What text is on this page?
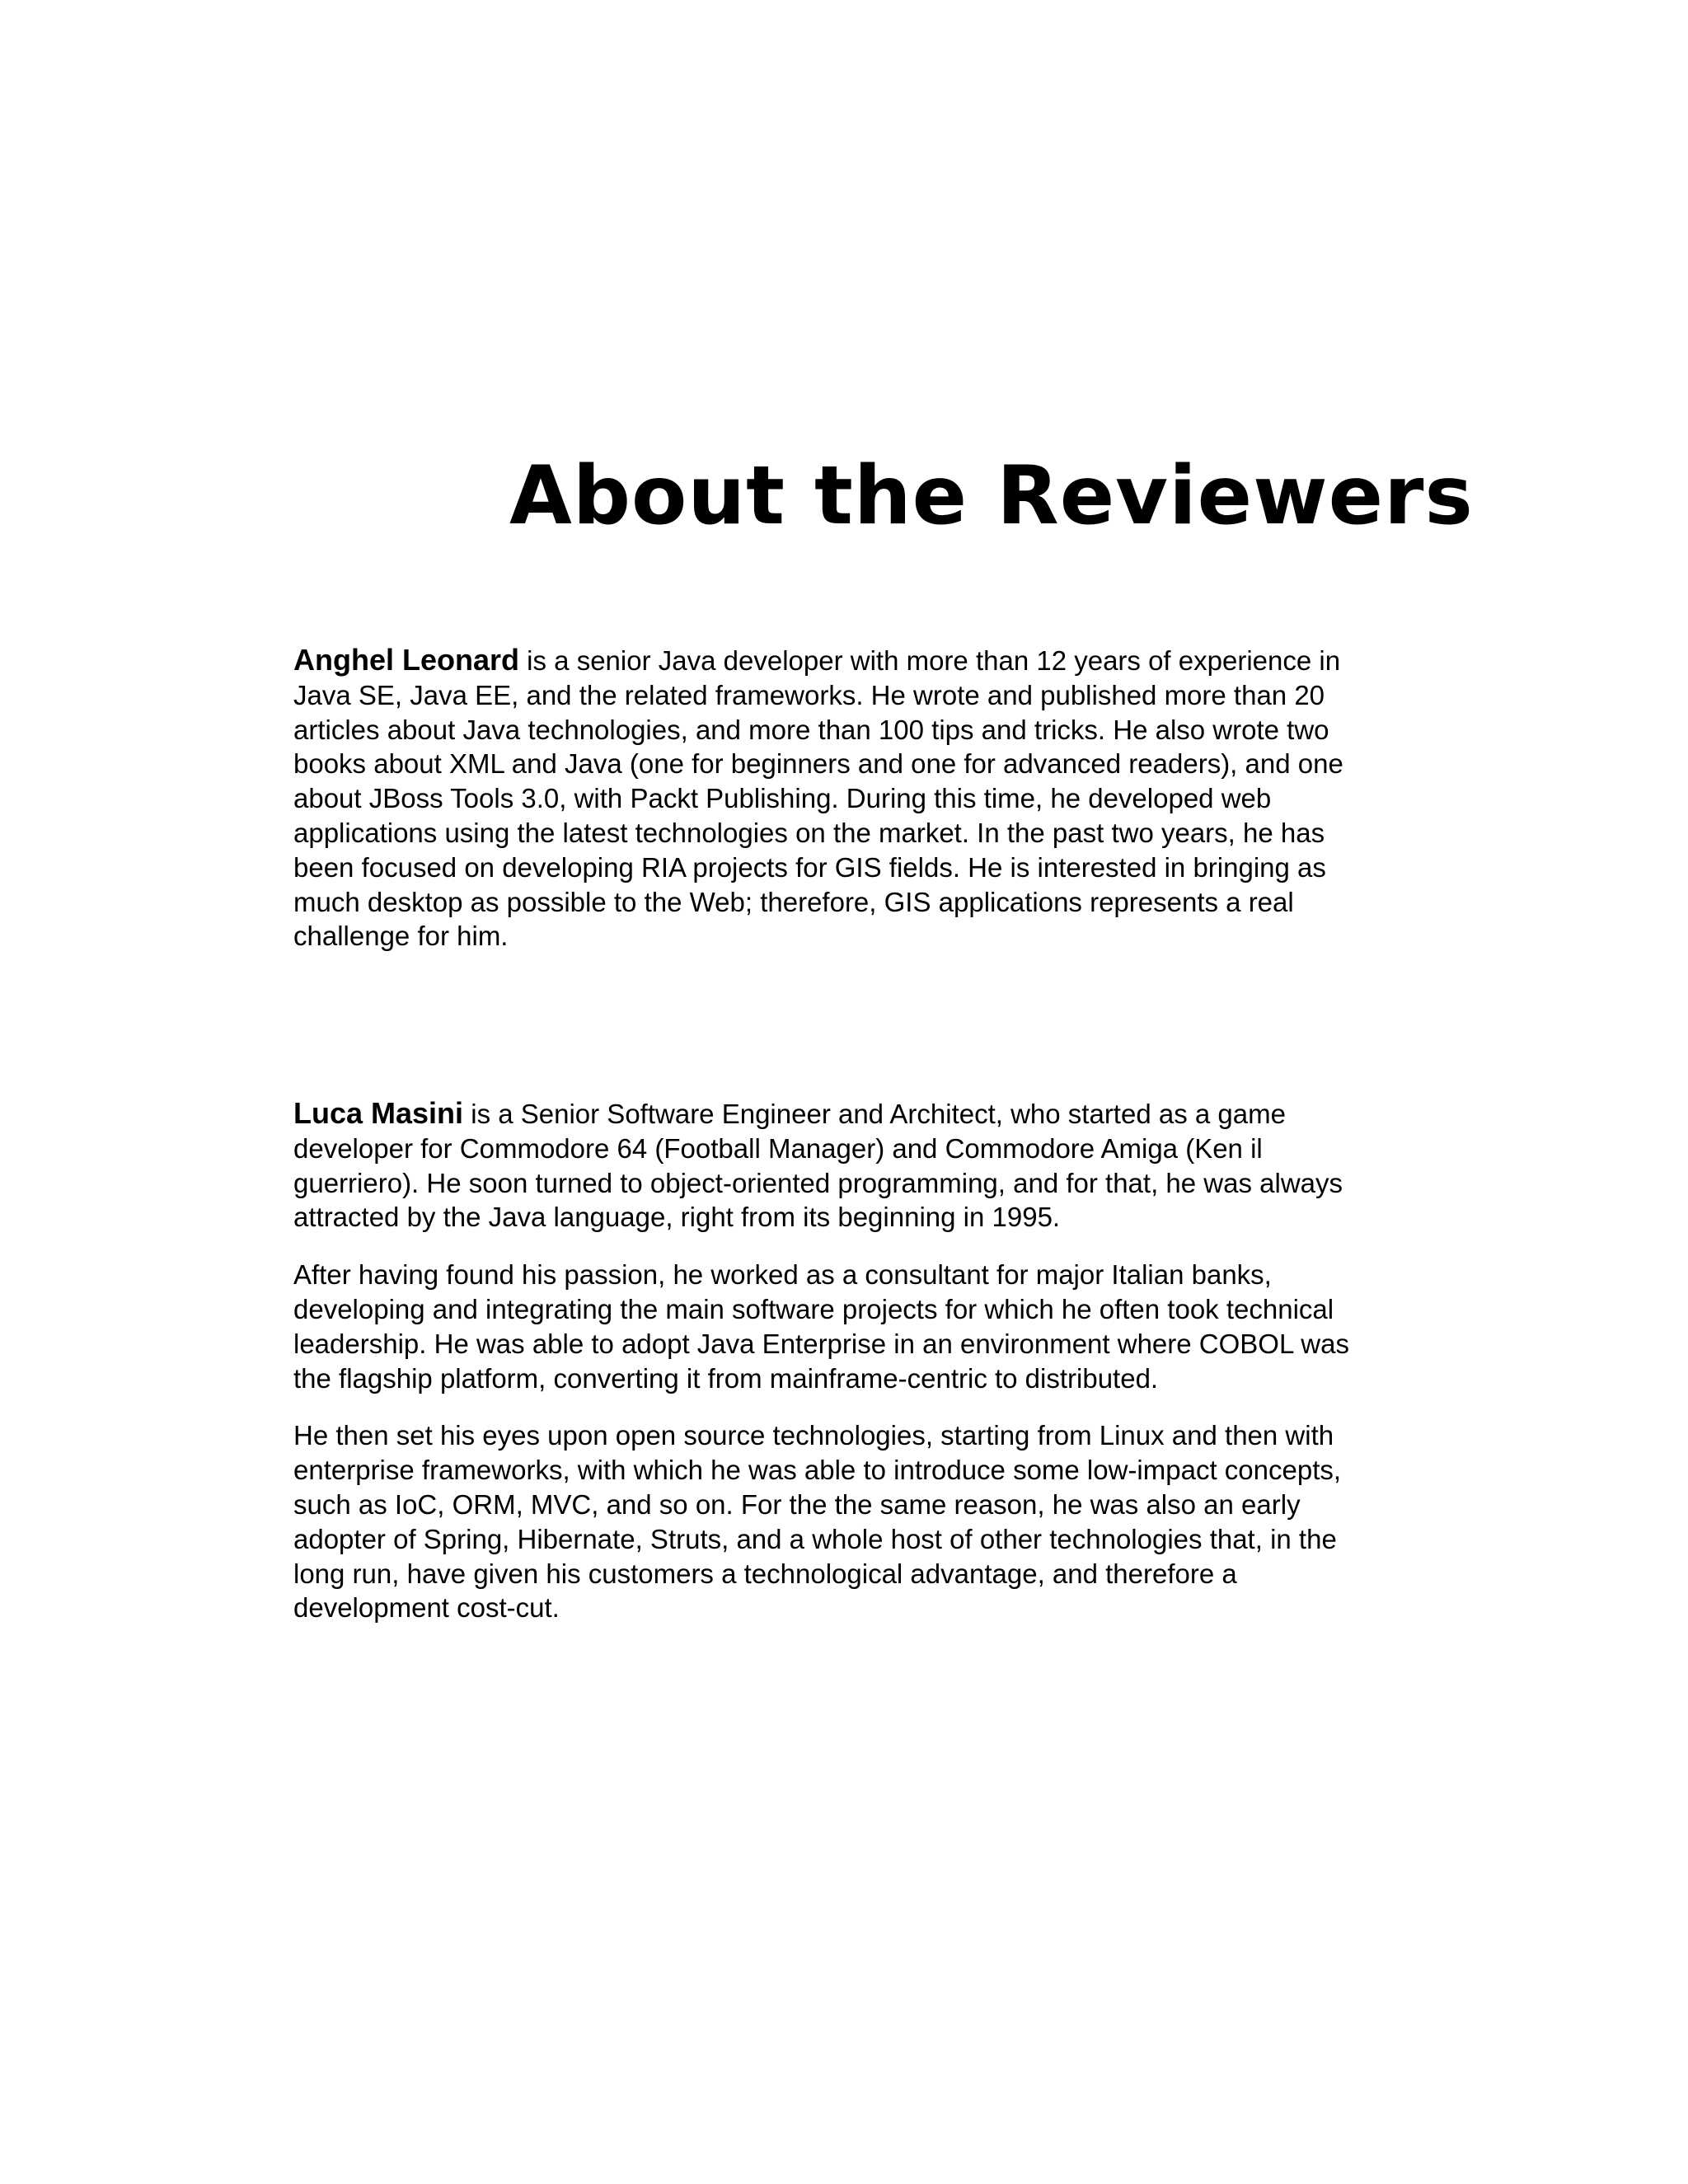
About the Reviewers

Anghel Leonard is a senior Java developer with more than 12 years of experience in Java SE, Java EE, and the related frameworks. He wrote and published more than 20 articles about Java technologies, and more than 100 tips and tricks. He also wrote two books about XML and Java (one for beginners and one for advanced readers), and one about JBoss Tools 3.0, with Packt Publishing. During this time, he developed web applications using the latest technologies on the market. In the past two years, he has been focused on developing RIA projects for GIS fields. He is interested in bringing as much desktop as possible to the Web; therefore, GIS applications represents a real challenge for him.

Luca Masini is a Senior Software Engineer and Architect, who started as a game developer for Commodore 64 (Football Manager) and Commodore Amiga (Ken il guerriero). He soon turned to object-oriented programming, and for that, he was always attracted by the Java language, right from its beginning in 1995.

After having found his passion, he worked as a consultant for major Italian banks, developing and integrating the main software projects for which he often took technical leadership. He was able to adopt Java Enterprise in an environment where COBOL was the flagship platform, converting it from mainframe-centric to distributed.

He then set his eyes upon open source technologies, starting from Linux and then with enterprise frameworks, with which he was able to introduce some low-impact concepts, such as IoC, ORM, MVC, and so on. For the the same reason, he was also an early adopter of Spring, Hibernate, Struts, and a whole host of other technologies that, in the long run, have given his customers a technological advantage, and therefore a development cost-cut.
